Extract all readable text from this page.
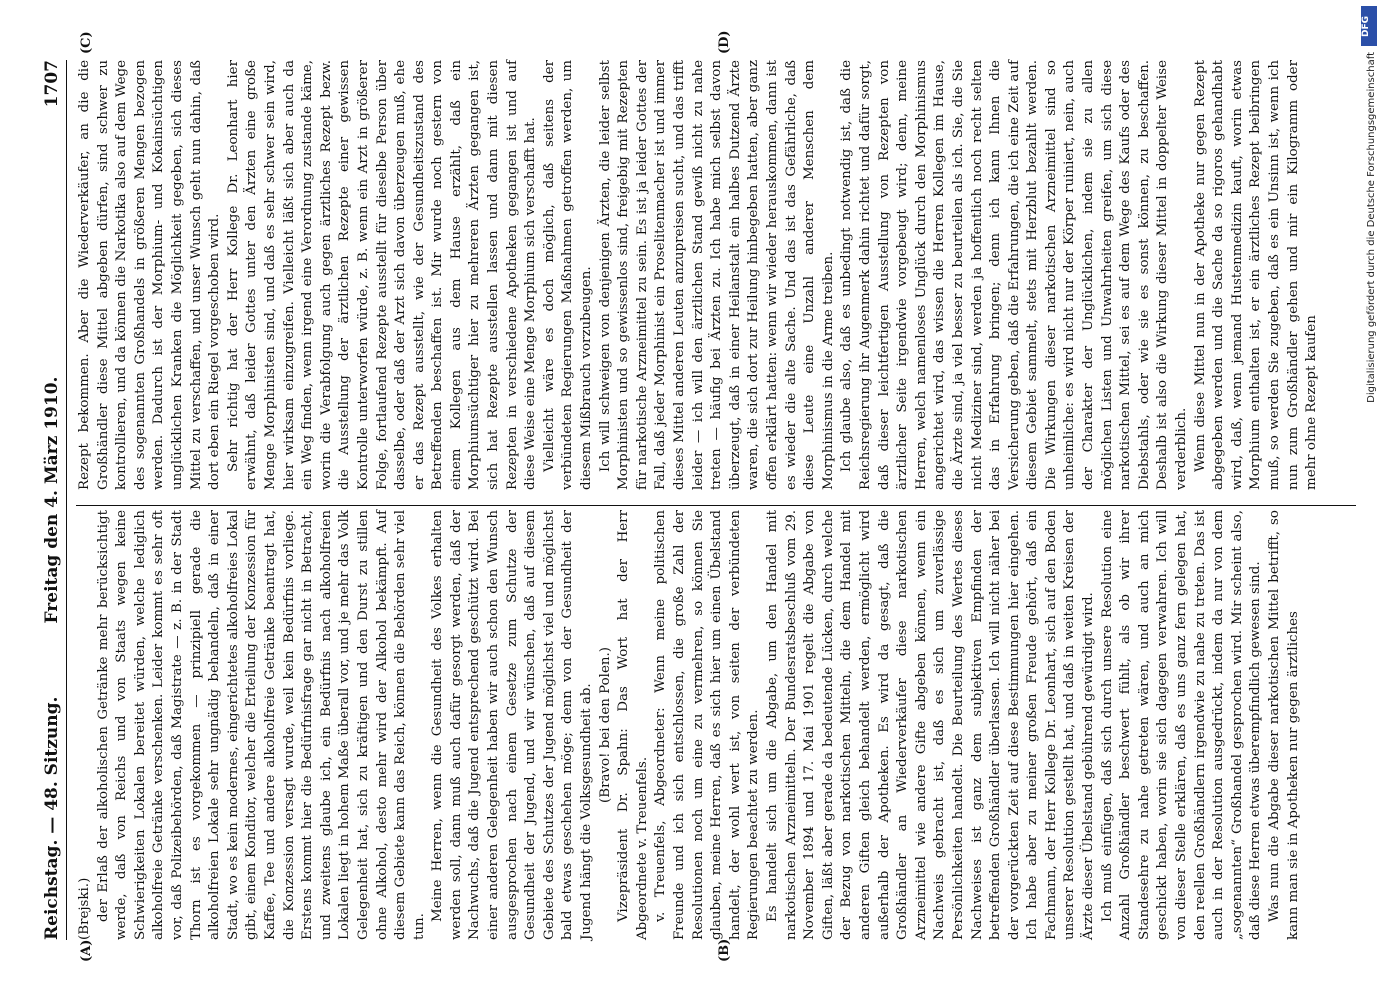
Reichstag. — 48. Sitzung.
Freitag den 4. März 1910.
1707
(A)	(B)

(Brejski.) der Erlaß der alkoholischen Getränke mehr berücksichtigt werde, daß von Reichs und von Staats wegen keine Schwierigkeiten Lokalen bereitet würden, welche lediglich alkoholfreie Getränke verschenken. Leider kommt es sehr oft vor, daß Polizeibehörden, daß Magistrate — z. B. in der Stadt Thorn ist es vorgekommen — prinzipiell gerade die alkoholfreien Lokale sehr ungnädig behandeln, daß in einer Stadt, wo es kein modernes, eingerichtetes alkoholfreies Lokal gibt, einem Konditor, welcher die Erteilung der Konzession für Kaffee, Tee und andere alkoholfreie Getränke beantragt hat, die Konzession versagt wurde, weil kein Bedürfnis vorliege. Erstens kommt hier die Bedürfnisfrage gar nicht in Betracht, und zweitens glaube ich, ein Bedürfnis nach alkoholfreien Lokalen liegt in hohem Maße überall vor, und je mehr das Volk Gelegenheit hat, sich zu kräftigen und den Durst zu stillen ohne Alkohol, desto mehr wird der Alkohol bekämpft. Auf diesem Gebiete kann das Reich, können die Behörden sehr viel tun.

Meine Herren, wenn die Gesundheit des Volkes erhalten werden soll, dann muß auch dafür gesorgt werden, daß der Nachwuchs, daß die Jugend entsprechend geschützt wird. Bei einer anderen Gelegenheit haben wir auch schon den Wunsch ausgesprochen nach einem Gesetze zum Schutze der Gesundheit der Jugend, und wir wünschen, daß auf diesem Gebiete des Schutzes der Jugend möglichst viel und möglichst bald etwas geschehen möge; denn von der Gesundheit der Jugend hängt die Volksgesundheit ab. (Bravo! bei den Polen.) Vizepräsident Dr. Spahn: Das Wort hat der Herr Abgeordnete v. Treuenfels. v. Treuenfels, Abgeordneter: Wenn meine politischen Freunde und ich sich entschlossen, die große Zahl der Resolutionen noch um eine zu vermehren, so können Sie glauben, meine Herren, daß es sich hier um einen Übelstand handelt, der wohl wert ist, von seiten der verbündeten Regierungen beachtet zu werden. Es handelt sich um die Abgabe, um den Handel mit narkotischen Arzneimitteln. Der Bundesratsbeschluß vom 29. November 1894 und 17. Mai 1901 regelt die Abgabe von Giften, läßt aber gerade da bedeutende Lücken, durch welche der Bezug von narkotischen Mitteln, die dem Handel mit anderen Giften gleich behandelt werden, ermöglicht wird außerhalb der Apotheken. Es wird da gesagt, daß die Großhändler an Wiederverkäufer diese narkotischen Arzneimittel wie andere Gifte abgeben können, wenn ein Nachweis gebracht ist, daß es sich um zuverlässige Persönlichkeiten handelt. Die Beurteilung des Wertes dieses Nachweises ist ganz dem subjektiven Empfinden der betreffenden Großhändler überlassen. Ich will nicht näher bei der vorgerückten Zeit auf diese Bestimmungen hier eingehen. Ich habe aber zu meiner großen Freude gehört, daß ein Fachmann, der Herr Kollege Dr. Leonhart, sich auf den Boden unserer Resolution gestellt hat, und daß in weiten Kreisen der Ärzte dieser Übelstand gebührend gewürdigt wird. Ich muß einfügen, daß sich durch unsere Resolution eine Anzahl Großhändler beschwert fühlt, als ob wir ihrer Standesehre zu nahe getreten wären, und auch an mich geschickt haben, worin sie sich dagegen verwahren. Ich will von dieser Stelle erklären, daß es uns ganz fern gelegen hat, den reellen Großhändlern irgendwie zu nahe zu treten. Das ist auch in der Resolution ausgedrückt, indem da nur von dem „sogenannten“ Großhandel gesprochen wird. Mir scheint also, daß diese Herren etwas überempfindlich gewesen sind. Was nun die Abgabe dieser narkotischen Mittel betrifft, so kann man sie in Apotheken nur gegen ärztliches

(C)	(D)

Rezept bekommen. Aber die Wiederverkäufer, an die die Großhändler diese Mittel abgeben dürfen, sind schwer zu kontrollieren, und da können die Narkotika also auf dem Wege des sogenannten Großhandels in größeren Mengen bezogen werden. Dadurch ist der Morphium- und Kokainsüchtigen unglücklichen Kranken die Möglichkeit gegeben, sich dieses Mittel zu verschaffen, und unser Wunsch geht nun dahin, daß dort eben ein Riegel vorgeschoben wird. Sehr richtig hat der Herr Kollege Dr. Leonhart hier erwähnt, daß leider Gottes unter den Ärzten eine große Menge Morphinisten sind, und daß es sehr schwer sein wird, hier wirksam einzugreifen. Vielleicht läßt sich aber auch da ein Weg finden, wenn irgend eine Verordnung zustande käme, worin die Verabfolgung auch gegen ärztliches Rezept bezw. die Ausstellung der ärztlichen Rezepte einer gewissen Kontrolle unterworfen würde, z. B. wenn ein Arzt in größerer Folge, fortlaufend Rezepte ausstellt für dieselbe Person über dasselbe, oder daß der Arzt sich davon überzeugen muß, ehe er das Rezept ausstellt, wie der Gesundheitszustand des Betreffenden beschaffen ist. Mir wurde noch gestern von einem Kollegen aus dem Hause erzählt, daß ein Morphiumsüchtiger hier zu mehreren Ärzten gegangen ist, sich hat Rezepte ausstellen lassen und dann mit diesen Rezepten in verschiedene Apotheken gegangen ist und auf diese Weise eine Menge Morphium sich verschafft hat. Vielleicht wäre es doch möglich, daß seitens der verbündeten Regierungen Maßnahmen getroffen werden, um diesem Mißbrauch vorzubeugen. Ich will schweigen von denjenigen Ärzten, die leider selbst Morphinisten und so gewissenlos sind, freigebig mit Rezepten für narkotische Arzneimittel zu sein. Es ist ja leider Gottes der Fall, daß jeder Morphinist ein Proselitenmacher ist und immer dieses Mittel anderen Leuten anzupreisen sucht, und das trifft leider — ich will den ärztlichen Stand gewiß nicht zu nahe treten — häufig bei Ärzten zu. Ich habe mich selbst davon überzeugt, daß in einer Heilanstalt ein halbes Dutzend Ärzte waren, die sich dort zur Heilung hinbegeben hatten, aber ganz offen erklärt hatten: wenn wir wieder herauskommen, dann ist es wieder die alte Sache. Und das ist das Gefährliche, daß diese Leute eine Unzahl anderer Menschen dem Morphinismus in die Arme treiben. Ich glaube also, daß es unbedingt notwendig ist, daß die Reichsregierung ihr Augenmerk dahin richtet und dafür sorgt, daß dieser leichtfertigen Ausstellung von Rezepten von ärztlicher Seite irgendwie vorgebeugt wird; denn, meine Herren, welch namenloses Unglück durch den Morphinismus angerichtet wird, das wissen die Herren Kollegen im Hause, die Ärzte sind, ja viel besser zu beurteilen als ich. Sie, die Sie nicht Mediziner sind, werden ja hoffentlich noch recht selten das in Erfahrung bringen; denn ich kann Ihnen die Versicherung geben, daß die Erfahrungen, die ich eine Zeit auf diesem Gebiet sammelt, stets mit Herzblut bezahlt werden. Die Wirkungen dieser narkotischen Arzneimittel sind so unheimliche: es wird nicht nur der Körper ruiniert, nein, auch der Charakter der Unglücklichen, indem sie zu allen möglichen Listen und Unwahrheiten greifen, um sich diese narkotischen Mittel, sei es auf dem Wege des Kaufs oder des Diebstahls, oder wie sie es sonst können, zu beschaffen. Deshalb ist also die Wirkung dieser Mittel in doppelter Weise verderblich. Wenn diese Mittel nun in der Apotheke nur gegen Rezept abgegeben werden und die Sache da so rigoros gehandhabt wird, daß, wenn jemand Hustenmedizin kauft, worin etwas Morphium enthalten ist, er ein ärztliches Rezept beibringen muß, so werden Sie zugeben, daß es ein Unsinn ist, wenn ich nun zum Großhändler gehen und mir ein Kilogramm oder mehr ohne Rezept kaufen

DFG
Digitalisierung gefördert durch die Deutsche Forschungsgemeinschaft
